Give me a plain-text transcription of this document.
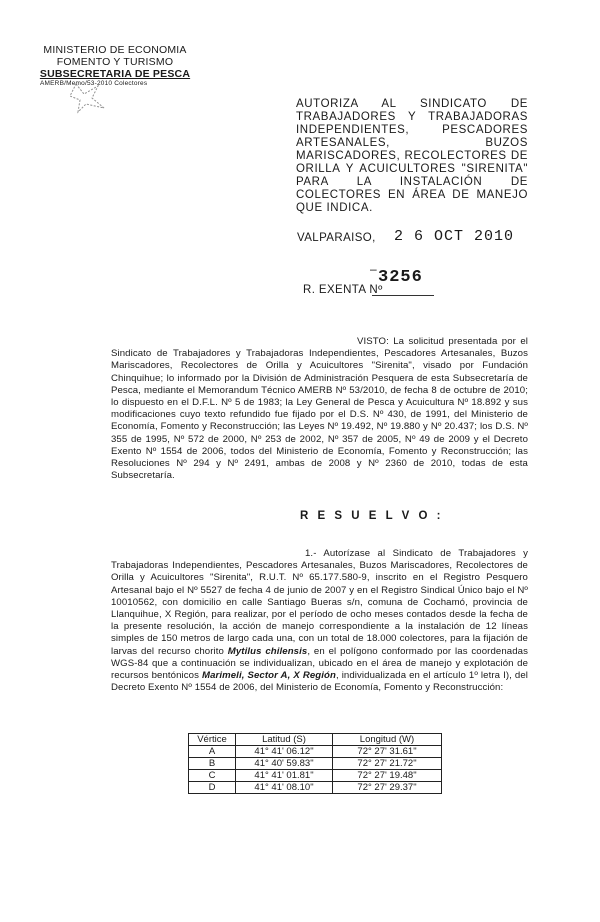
MINISTERIO DE ECONOMIA
FOMENTO Y TURISMO
SUBSECRETARIA DE PESCA
AMERB/Memo/53-2010 Colectores
AUTORIZA AL SINDICATO DE TRABAJADORES Y TRABAJADORAS INDEPENDIENTES, PESCADORES ARTESANALES, BUZOS MARISCADORES, RECOLECTORES DE ORILLA Y ACUICULTORES "SIRENITA" PARA LA INSTALACIÓN DE COLECTORES EN ÁREA DE MANEJO QUE INDICA.
VALPARAISO, 2 6 OCT 2010
– 3256
R. EXENTA Nº
VISTO: La solicitud presentada por el Sindicato de Trabajadores y Trabajadoras Independientes, Pescadores Artesanales, Buzos Mariscadores, Recolectores de Orilla y Acuicultores "Sirenita", visado por Fundación Chinquihue; lo informado por la División de Administración Pesquera de esta Subsecretaría de Pesca, mediante el Memorandum Técnico AMERB Nº 53/2010, de fecha 8 de octubre de 2010; lo dispuesto en el D.F.L. Nº 5 de 1983; la Ley General de Pesca y Acuicultura Nº 18.892 y sus modificaciones cuyo texto refundido fue fijado por el D.S. Nº 430, de 1991, del Ministerio de Economía, Fomento y Reconstrucción; las Leyes Nº 19.492, Nº 19.880 y Nº 20.437; los D.S. Nº 355 de 1995, Nº 572 de 2000, Nº 253 de 2002, Nº 357 de 2005, Nº 49 de 2009 y el Decreto Exento Nº 1554 de 2006, todos del Ministerio de Economía, Fomento y Reconstrucción; las Resoluciones Nº 294 y Nº 2491, ambas de 2008 y Nº 2360 de 2010, todas de esta Subsecretaría.
R E S U E L V O :
1.- Autorízase al Sindicato de Trabajadores y Trabajadoras Independientes, Pescadores Artesanales, Buzos Mariscadores, Recolectores de Orilla y Acuicultores "Sirenita", R.U.T. Nº 65.177.580-9, inscrito en el Registro Pesquero Artesanal bajo el Nº 5527 de fecha 4 de junio de 2007 y en el Registro Sindical Único bajo el Nº 10010562, con domicilio en calle Santiago Bueras s/n, comuna de Cochamó, provincia de Llanquihue, X Región, para realizar, por el período de ocho meses contados desde la fecha de la presente resolución, la acción de manejo correspondiente a la instalación de 12 líneas simples de 150 metros de largo cada una, con un total de 18.000 colectores, para la fijación de larvas del recurso chorito Mytilus chilensis, en el polígono conformado por las coordenadas WGS-84 que a continuación se individualizan, ubicado en el área de manejo y explotación de recursos bentónicos Marimeli, Sector A, X Región, individualizada en el artículo 1º letra I), del Decreto Exento Nº 1554 de 2006, del Ministerio de Economía, Fomento y Reconstrucción:
Vértice	Latitud (S)	Longitud (W)
A	41° 41' 06.12"	72° 27' 31.61"
B	41° 40' 59.83"	72° 27' 21.72"
C	41° 41' 01.81"	72° 27' 19.48"
D	41° 41' 08.10"	72° 27' 29.37"
